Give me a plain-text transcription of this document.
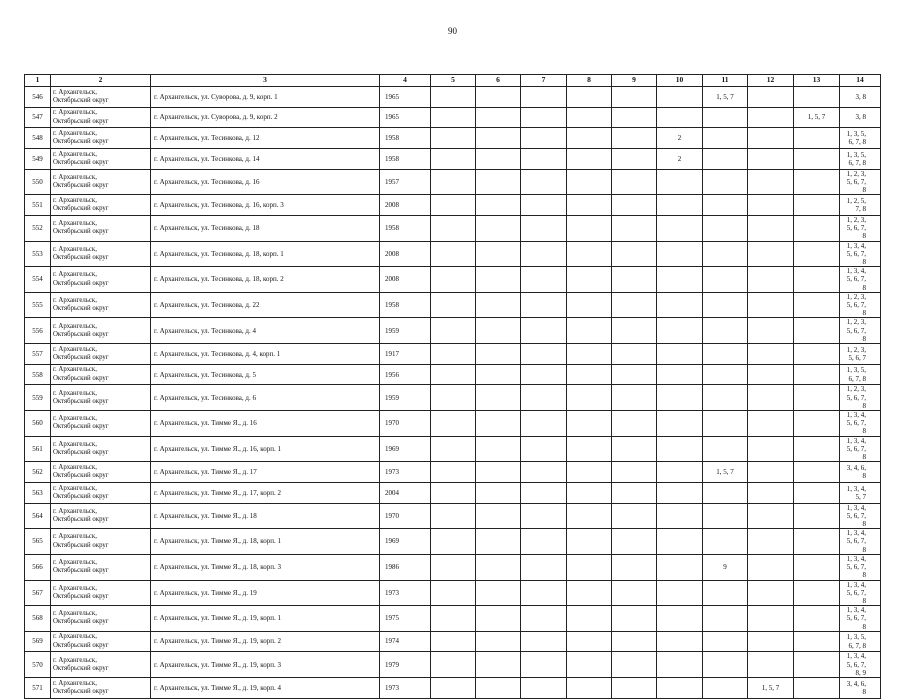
90
1	2	3	4	5	6	7	8	9	10	11	12	13	14
546	г. Архангельск,
Октябрьский округ	г. Архангельск, ул. Суворова, д. 9, корп. 1	1965							1, 5, 7			3, 8
547	г. Архангельск,
Октябрьский округ	г. Архангельск, ул. Суворова, д. 9, корп. 2	1965									1, 5, 7	3, 8
548	г. Архангельск,
Октябрьский округ	г. Архангельск, ул. Тесинкова, д. 12	1958						2				1, 3, 5, 6, 7, 8
549	г. Архангельск,
Октябрьский округ	г. Архангельск, ул. Тесинкова, д. 14	1958						2				1, 3, 5, 6, 7, 8
550	г. Архангельск,
Октябрьский округ	г. Архангельск, ул. Тесинкова, д. 16	1957										1, 2, 3, 5, 6, 7, 8
551	г. Архангельск,
Октябрьский округ	г. Архангельск, ул. Тесинкова, д. 16, корп. 3	2008										1, 2, 5, 7, 8
552	г. Архангельск,
Октябрьский округ	г. Архангельск, ул. Тесинкова, д. 18	1958										1, 2, 3, 5, 6, 7, 8
553	г. Архангельск,
Октябрьский округ	г. Архангельск, ул. Тесинкова, д. 18, корп. 1	2008										1, 3, 4, 5, 6, 7, 8
554	г. Архангельск,
Октябрьский округ	г. Архангельск, ул. Тесинкова, д. 18, корп. 2	2008										1, 3, 4, 5, 6, 7, 8
555	г. Архангельск,
Октябрьский округ	г. Архангельск, ул. Тесинкова, д. 22	1958										1, 2, 3, 5, 6, 7, 8
556	г. Архангельск,
Октябрьский округ	г. Архангельск, ул. Тесинкова, д. 4	1959										1, 2, 3, 5, 6, 7, 8
557	г. Архангельск,
Октябрьский округ	г. Архангельск, ул. Тесинкова, д. 4, корп. 1	1917										1, 2, 3, 5, 6, 7
558	г. Архангельск,
Октябрьский округ	г. Архангельск, ул. Тесинкова, д. 5	1956										1, 3, 5, 6, 7, 8
559	г. Архангельск,
Октябрьский округ	г. Архангельск, ул. Тесинкова, д. 6	1959										1, 2, 3, 5, 6, 7, 8
560	г. Архангельск,
Октябрьский округ	г. Архангельск, ул. Тимме Я., д. 16	1970										1, 3, 4, 5, 6, 7, 8
561	г. Архангельск,
Октябрьский округ	г. Архангельск, ул. Тимме Я., д. 16, корп. 1	1969										1, 3, 4, 5, 6, 7, 8
562	г. Архангельск,
Октябрьский округ	г. Архангельск, ул. Тимме Я., д. 17	1973							1, 5, 7			3, 4, 6, 8
563	г. Архангельск,
Октябрьский округ	г. Архангельск, ул. Тимме Я., д. 17, корп. 2	2004										1, 3, 4, 5, 7
564	г. Архангельск,
Октябрьский округ	г. Архангельск, ул. Тимме Я., д. 18	1970										1, 3, 4, 5, 6, 7, 8
565	г. Архангельск,
Октябрьский округ	г. Архангельск, ул. Тимме Я., д. 18, корп. 1	1969										1, 3, 4, 5, 6, 7, 8
566	г. Архангельск,
Октябрьский округ	г. Архангельск, ул. Тимме Я., д. 18, корп. 3	1986							9			1, 3, 4, 5, 6, 7, 8
567	г. Архангельск,
Октябрьский округ	г. Архангельск, ул. Тимме Я., д. 19	1973										1, 3, 4, 5, 6, 7, 8
568	г. Архангельск,
Октябрьский округ	г. Архангельск, ул. Тимме Я., д. 19, корп. 1	1975										1, 3, 4, 5, 6, 7, 8
569	г. Архангельск,
Октябрьский округ	г. Архангельск, ул. Тимме Я., д. 19, корп. 2	1974										1, 3, 5, 6, 7, 8
570	г. Архангельск,
Октябрьский округ	г. Архангельск, ул. Тимме Я., д. 19, корп. 3	1979										1, 3, 4, 5, 6, 7, 8, 9
571	г. Архангельск,
Октябрьский округ	г. Архангельск, ул. Тимме Я., д. 19, корп. 4	1973								1, 5, 7		3, 4, 6, 8
